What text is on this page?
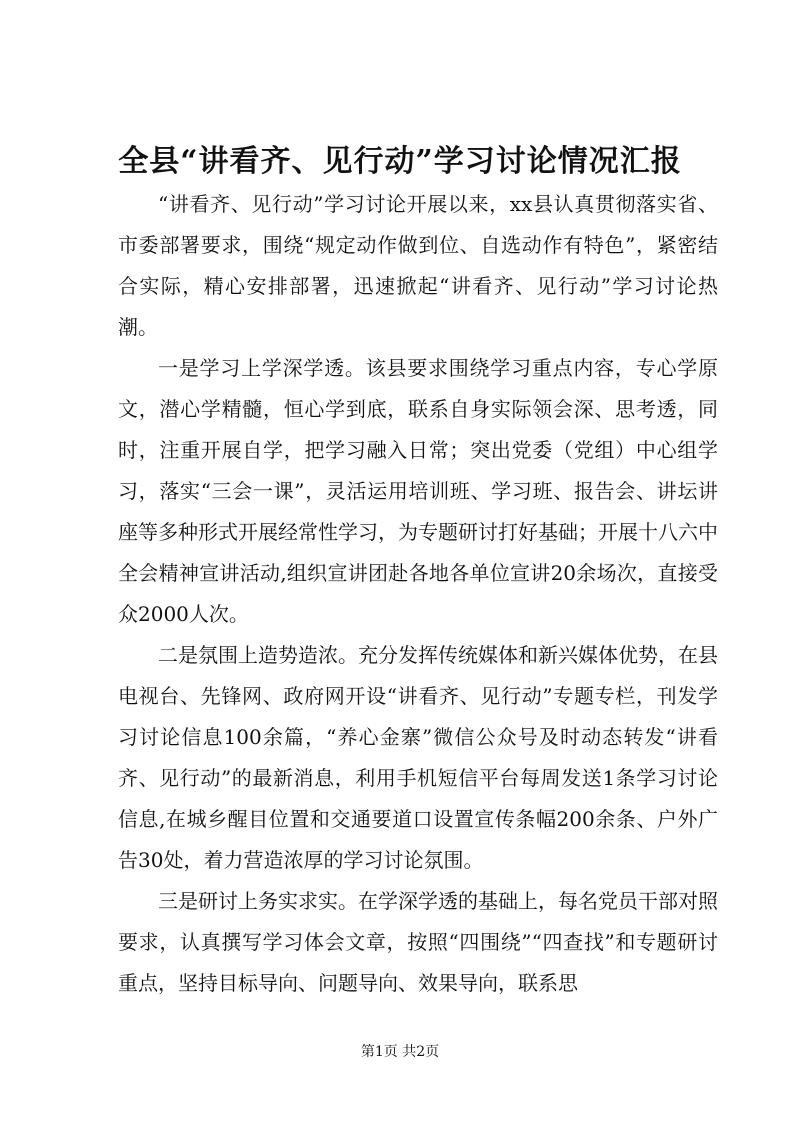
全县“讲看齐、见行动”学习讨论情况汇报

“讲看齐、见行动”学习讨论开展以来，xx县认真贯彻落实省、市委部署要求，围绕“规定动作做到位、自选动作有特色”，紧密结合实际，精心安排部署，迅速掀起“讲看齐、见行动”学习讨论热潮。

一是学习上学深学透。该县要求围绕学习重点内容，专心学原文，潜心学精髓，恒心学到底，联系自身实际领会深、思考透，同时，注重开展自学，把学习融入日常；突出党委（党组）中心组学习，落实“三会一课”，灵活运用培训班、学习班、报告会、讲坛讲座等多种形式开展经常性学习，为专题研讨打好基础；开展十八六中全会精神宣讲活动,组织宣讲团赴各地各单位宣讲20余场次，直接受众2000人次。

二是氛围上造势造浓。充分发挥传统媒体和新兴媒体优势，在县电视台、先锋网、政府网开设“讲看齐、见行动”专题专栏，刊发学习讨论信息100余篇，“养心金寨”微信公众号及时动态转发“讲看齐、见行动”的最新消息，利用手机短信平台每周发送1条学习讨论信息,在城乡醒目位置和交通要道口设置宣传条幅200余条、户外广告30处，着力营造浓厚的学习讨论氛围。

三是研讨上务实求实。在学深学透的基础上，每名党员干部对照要求，认真撰写学习体会文章，按照“四围绕”“四查找”和专题研讨重点，坚持目标导向、问题导向、效果导向，联系思

第1页 共2页
